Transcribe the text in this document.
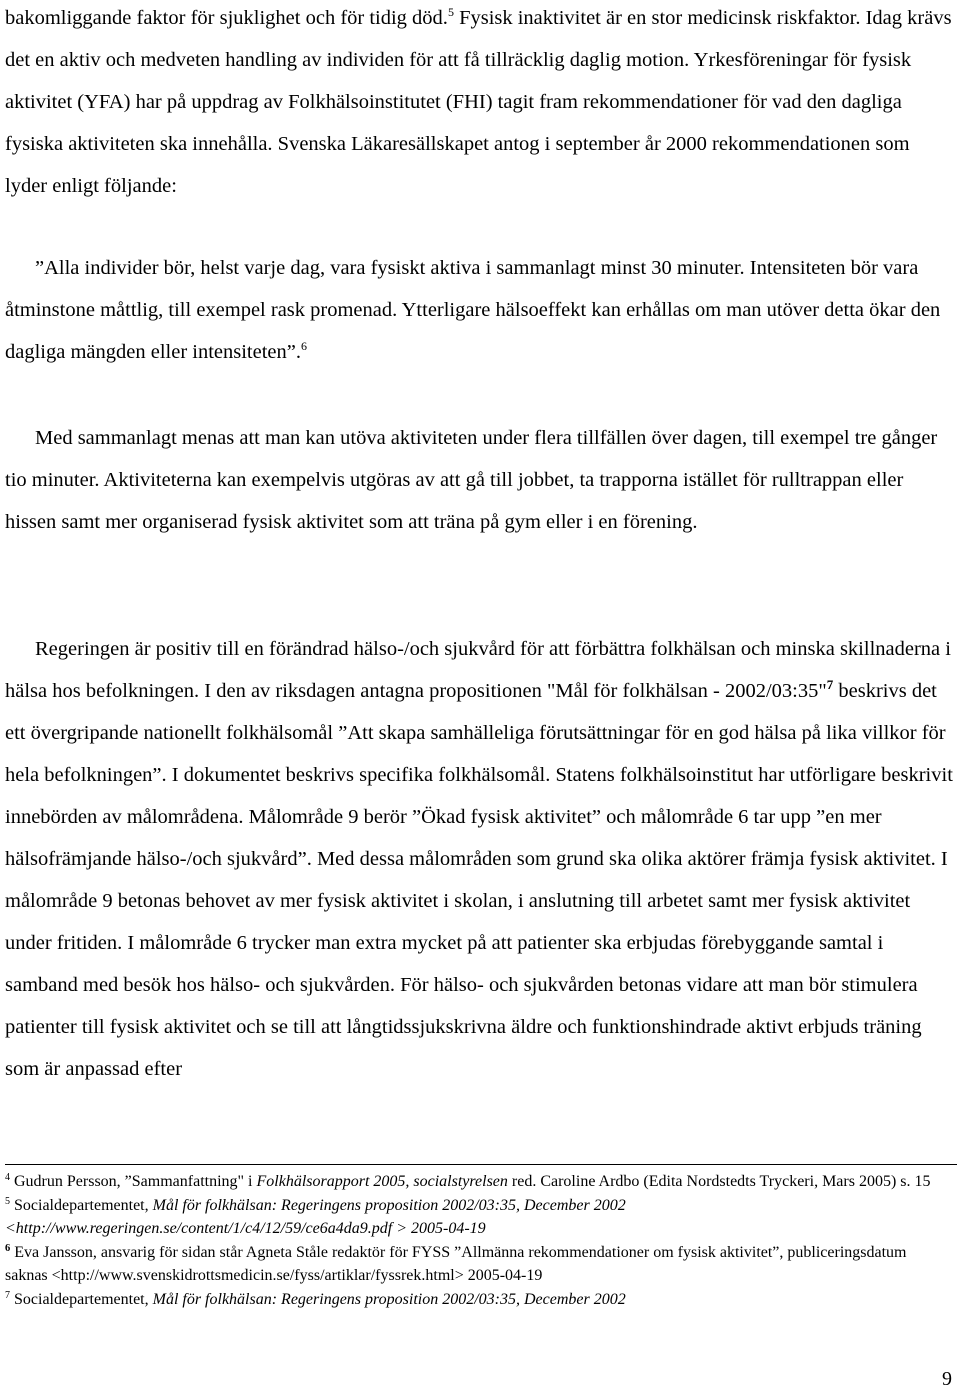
bakomliggande faktor för sjuklighet och för tidig död.$^5$ Fysisk inaktivitet är en stor medicinsk riskfaktor. Idag krävs det en aktiv och medveten handling av individen för att få tillräcklig daglig motion. Yrkesföreningar för fysisk aktivitet (YFA) har på uppdrag av Folkhälsoinstitutet (FHI) tagit fram rekommendationer för vad den dagliga fysiska aktiviteten ska innehålla. Svenska Läkaresällskapet antog i september år 2000 rekommendationen som lyder enligt följande:

”Alla individer bör, helst varje dag, vara fysiskt aktiva i sammanlagt minst 30 minuter. Intensiteten bör vara åtminstone måttlig, till exempel rask promenad. Ytterligare hälsoeffekt kan erhållas om man utöver detta ökar den dagliga mängden eller intensiteten”.$^6$

Med sammanlagt menas att man kan utöva aktiviteten under flera tillfällen över dagen, till exempel tre gånger tio minuter. Aktiviteterna kan exempelvis utgöras av att gå till jobbet, ta trapporna istället för rulltrappan eller hissen samt mer organiserad fysisk aktivitet som att träna på gym eller i en förening.

Regeringen är positiv till en förändrad hälso-/och sjukvård för att förbättra folkhälsan och minska skillnaderna i hälsa hos befolkningen. I den av riksdagen antagna propositionen "Mål för folkhälsan - 2002/03:35"$^7$ beskrivs det ett övergripande nationellt folkhälsomål ”Att skapa samhälleliga förutsättningar för en god hälsa på lika villkor för hela befolkningen”. I dokumentet beskrivs specifika folkhälsomål. Statens folkhälsoinstitut har utförligare beskrivit innebörden av målområdena. Målområde 9 berör ”Ökad fysisk aktivitet” och målområde 6 tar upp ”en mer hälsofrämjande hälso-/och sjukvård”. Med dessa målområden som grund ska olika aktörer främja fysisk aktivitet. I målområde 9 betonas behovet av mer fysisk aktivitet i skolan, i anslutning till arbetet samt mer fysisk aktivitet under fritiden. I målområde 6 trycker man extra mycket på att patienter ska erbjudas förebyggande samtal i samband med besök hos hälso- och sjukvården. För hälso- och sjukvården betonas vidare att man bör stimulera patienter till fysisk aktivitet och se till att långtidssjukskrivna äldre och funktionshindrade aktivt erbjuds träning som är anpassad efter

$^4$ Gudrun Persson, ”Sammanfattning" i Folkhälsorapport 2005, socialstyrelsen red. Caroline Ardbo (Edita Nordstedts Tryckeri, Mars 2005) s. 15

$^5$ Socialdepartementet, Mål för folkhälsan: Regeringens proposition 2002/03:35, December 2002 <http://www.regeringen.se/content/1/c4/12/59/ce6a4da9.pdf > 2005-04-19

$^6$ Eva Jansson, ansvarig för sidan står Agneta Ståle redaktör för FYSS ”Allmänna rekommendationer om fysisk aktivitet”, publiceringsdatum saknas <http://www.svenskidrottsmedicin.se/fyss/artiklar/fyssrek.html> 2005-04-19

$^7$ Socialdepartementet, Mål för folkhälsan: Regeringens proposition 2002/03:35, December 2002

9
